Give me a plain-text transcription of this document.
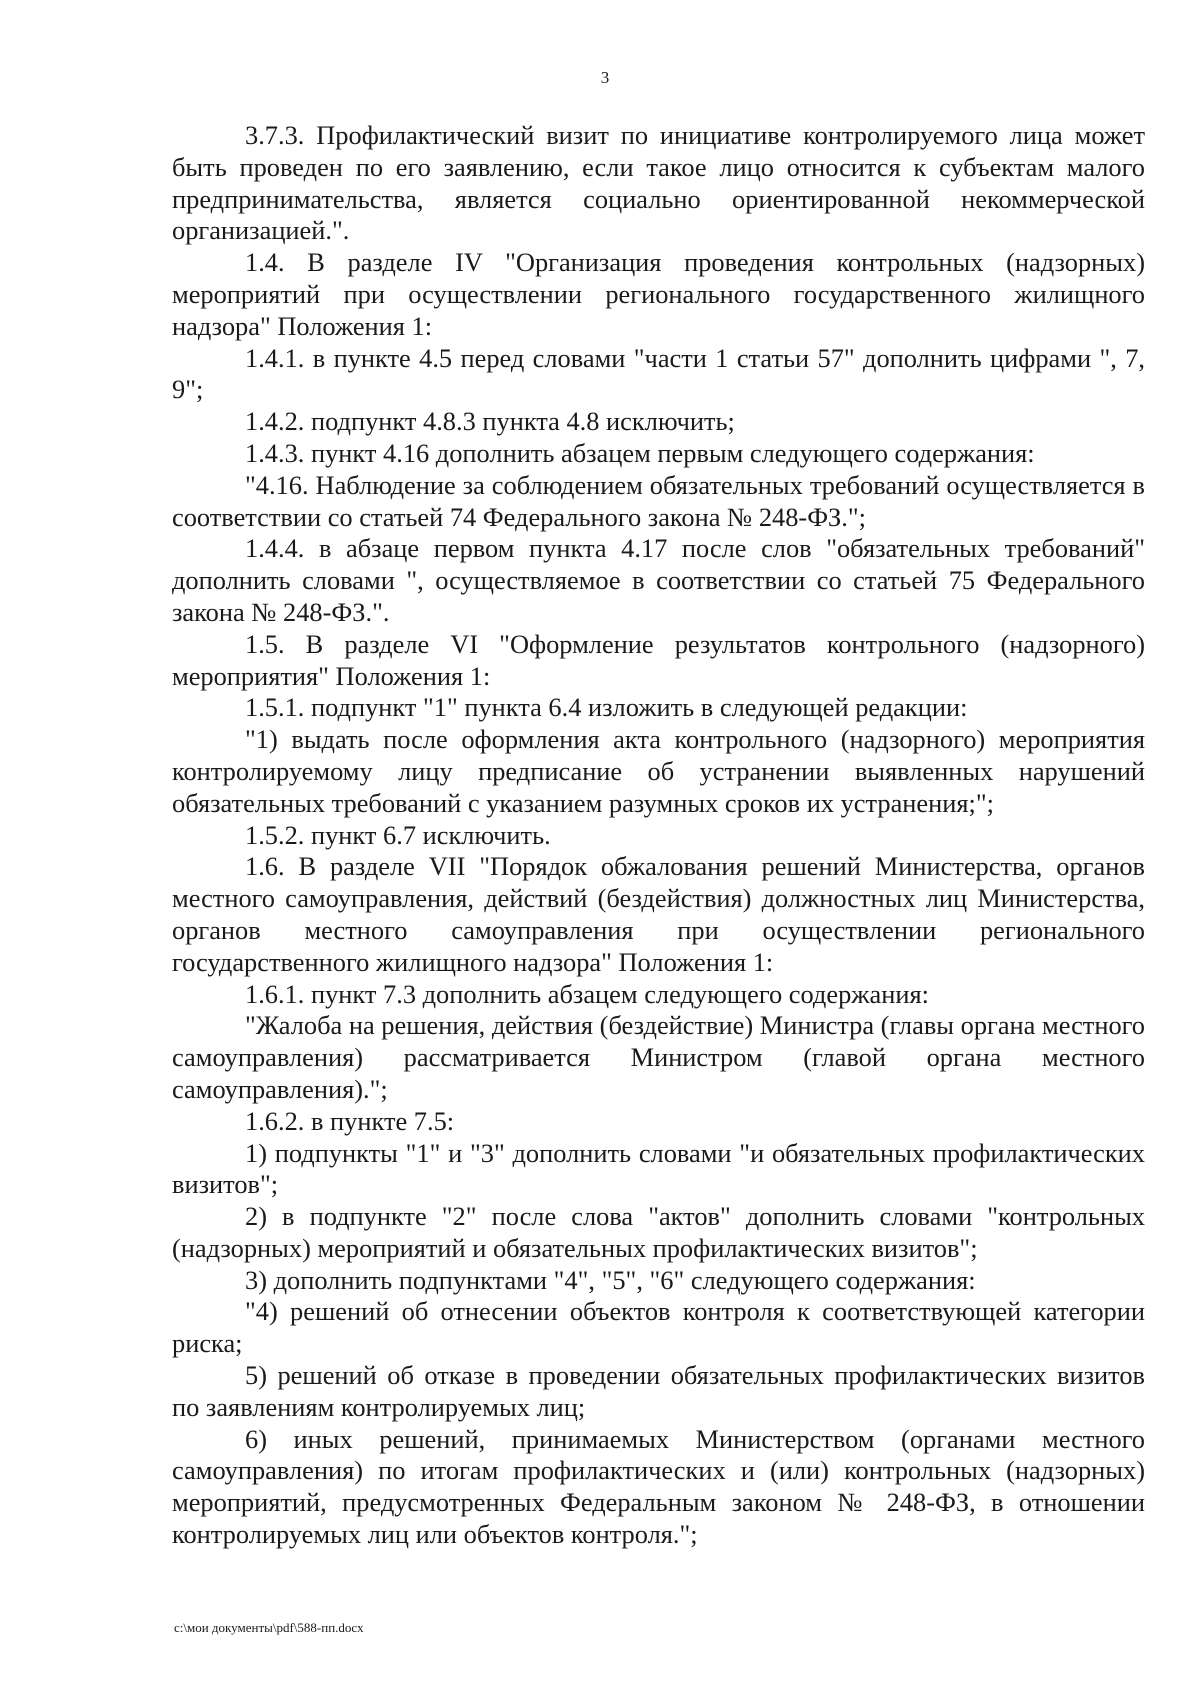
3

3.7.3. Профилактический визит по инициативе контролируемого лица может быть проведен по его заявлению, если такое лицо относится к субъектам малого предпринимательства, является социально ориентированной некоммерческой организацией.".

1.4. В разделе IV "Организация проведения контрольных (надзорных) мероприятий при осуществлении регионального государственного жилищного надзора" Положения 1:

1.4.1. в пункте 4.5 перед словами "части 1 статьи 57" дополнить цифрами ", 7, 9";

1.4.2. подпункт 4.8.3 пункта 4.8 исключить;

1.4.3. пункт 4.16 дополнить абзацем первым следующего содержания:

"4.16. Наблюдение за соблюдением обязательных требований осуществляется в соответствии со статьей 74 Федерального закона № 248-ФЗ.";

1.4.4. в абзаце первом пункта 4.17 после слов "обязательных требований" дополнить словами ", осуществляемое в соответствии со статьей 75 Федерального закона № 248-ФЗ.".

1.5. В разделе VI "Оформление результатов контрольного (надзорного) мероприятия" Положения 1:

1.5.1. подпункт "1" пункта 6.4 изложить в следующей редакции:

"1) выдать после оформления акта контрольного (надзорного) мероприятия контролируемому лицу предписание об устранении выявленных нарушений обязательных требований с указанием разумных сроков их устранения;";

1.5.2. пункт 6.7 исключить.

1.6. В разделе VII "Порядок обжалования решений Министерства, органов местного самоуправления, действий (бездействия) должностных лиц Министерства, органов местного самоуправления при осуществлении регионального государственного жилищного надзора" Положения 1:

1.6.1. пункт 7.3 дополнить абзацем следующего содержания:

"Жалоба на решения, действия (бездействие) Министра (главы органа местного самоуправления) рассматривается Министром (главой органа местного самоуправления).";

1.6.2. в пункте 7.5:

1) подпункты "1" и "3" дополнить словами "и обязательных профилактических визитов";

2) в подпункте "2" после слова "актов" дополнить словами "контрольных (надзорных) мероприятий и обязательных профилактических визитов";

3) дополнить подпунктами "4", "5", "6" следующего содержания:

"4) решений об отнесении объектов контроля к соответствующей категории риска;

5) решений об отказе в проведении обязательных профилактических визитов по заявлениям контролируемых лиц;

6) иных решений, принимаемых Министерством (органами местного самоуправления) по итогам профилактических и (или) контрольных (надзорных) мероприятий, предусмотренных Федеральным законом № 248-ФЗ, в отношении контролируемых лиц или объектов контроля.";

c:\мои документы\pdf\588-пп.docx
